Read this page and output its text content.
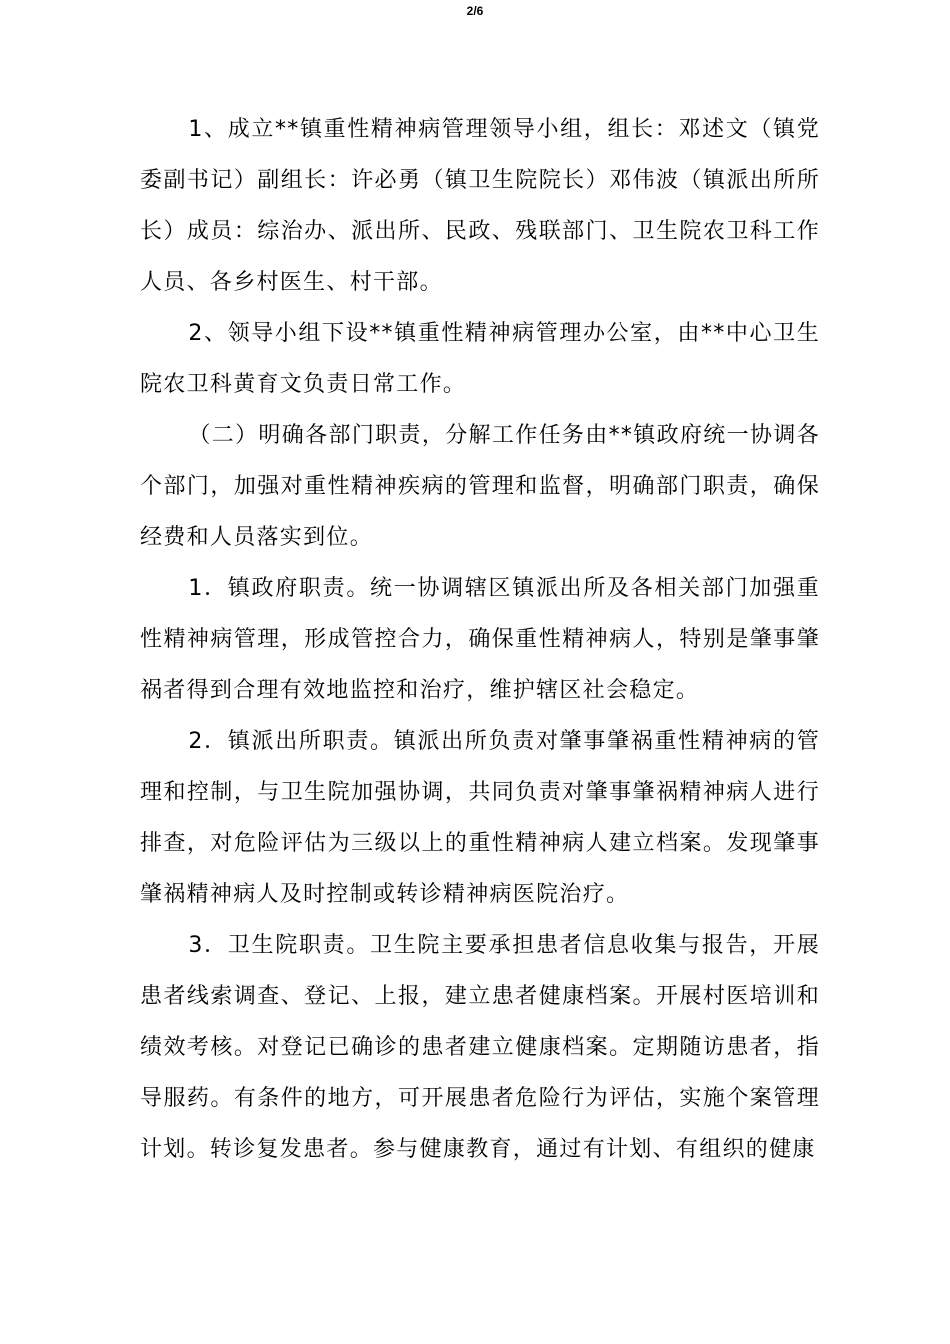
2/6

1、成立**镇重性精神病管理领导小组，组长：邓述文（镇党委副书记）副组长：许必勇（镇卫生院院长）邓伟波（镇派出所所长）成员：综治办、派出所、民政、残联部门、卫生院农卫科工作人员、各乡村医生、村干部。

2、领导小组下设**镇重性精神病管理办公室，由**中心卫生院农卫科黄育文负责日常工作。

（二）明确各部门职责，分解工作任务由**镇政府统一协调各个部门，加强对重性精神疾病的管理和监督，明确部门职责，确保经费和人员落实到位。

1．镇政府职责。统一协调辖区镇派出所及各相关部门加强重性精神病管理，形成管控合力，确保重性精神病人，特别是肇事肇祸者得到合理有效地监控和治疗，维护辖区社会稳定。

2．镇派出所职责。镇派出所负责对肇事肇祸重性精神病的管理和控制，与卫生院加强协调，共同负责对肇事肇祸精神病人进行排查，对危险评估为三级以上的重性精神病人建立档案。发现肇事肇祸精神病人及时控制或转诊精神病医院治疗。

3．卫生院职责。卫生院主要承担患者信息收集与报告，开展患者线索调查、登记、上报，建立患者健康档案。开展村医培训和绩效考核。对登记已确诊的患者建立健康档案。定期随访患者，指导服药。有条件的地方，可开展患者危险行为评估，实施个案管理计划。转诊复发患者。参与健康教育，通过有计划、有组织的健康
